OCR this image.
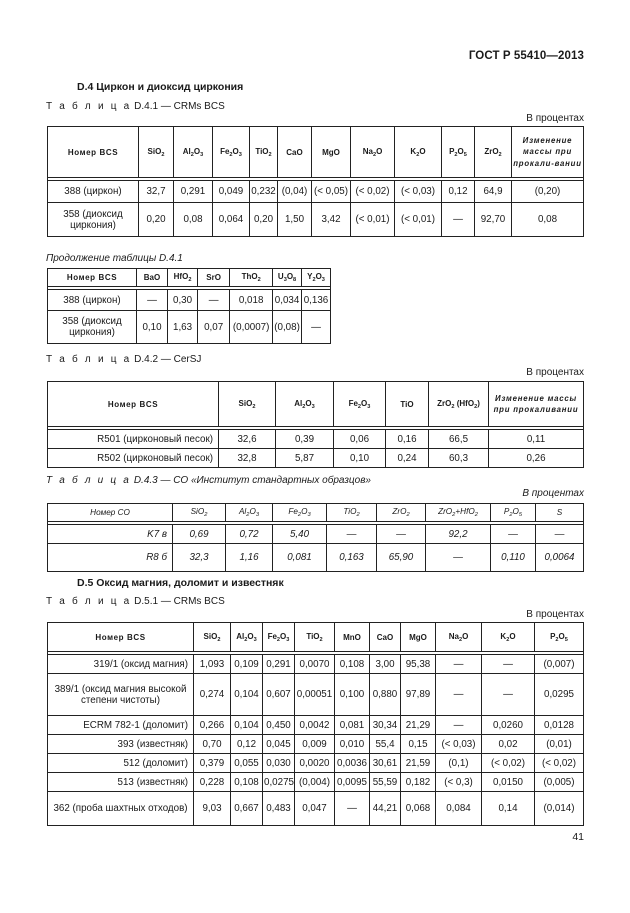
ГОСТ Р 55410—2013
D.4 Циркон и диоксид циркония
Т а б л и ц а D.4.1 — CRMs BCS
В процентах
Номер BCS	SiO$_2$	$Al_2O_3$	$Fe_2O_3$	TiO$_2$	CaO	MgO	$Na_2O$	$K_2O$	$P_2O_5$	ZrO$_2$	Изменение массы при прокали-вании

388 (циркон)	32,7	0,291	0,049	0,232	(0,04)	(< 0,05)	(< 0,02)	(< 0,03)	0,12	64,9	(0,20)
358 (диоксид циркония)	0,20	0,08	0,064	0,20	1,50	3,42	(< 0,01)	(< 0,01)	—	92,70	0,08
Продолжение таблицы D.4.1
Номер BCS	BaO	HfO$_2$	SrO	ThO$_2$	$U_3O_8$	$Y_2O_3$

388 (циркон)	—	0,30	—	0,018	0,034	0,136
358 (диоксид циркония)	0,10	1,63	0,07	(0,0007)	(0,08)	—
Т а б л и ц а D.4.2 — CerSJ
В процентах
Номер BCS	SiO$_2$	$Al_2O_3$	$Fe_2O_3$	TiO	ZrO$_2$ (HfO$_2$)	Изменение массы при прокаливании

R501 (цирконовый песок)	32,6	0,39	0,06	0,16	66,5	0,11
R502 (цирконовый песок)	32,8	5,87	0,10	0,24	60,3	0,26
Т а б л и ц а D.4.3 — СО «Институт стандартных образцов»
В процентах
Номер СО	SiO$_2$	$Al_2O_3$	$Fe_2O_3$	TiO$_2$	ZrO$_2$	ZrO$_2$+HfO$_2$	$P_2O_5$	S

K7 в	0,69	0,72	5,40	—	—	92,2	—	—
R8 б	32,3	1,16	0,081	0,163	65,90	—	0,110	0,0064
D.5 Оксид магния, доломит и известняк
Т а б л и ц а D.5.1 — CRMs BCS
В процентах
Номер BCS	SiO$_2$	$Al_2O_3$	$Fe_2O_3$	TiO$_2$	MnO	CaO	MgO	$Na_2O$	$K_2O$	$P_2O_5$

319/1 (оксид магния)	1,093	0,109	0,291	0,0070	0,108	3,00	95,38	—	—	(0,007)
389/1 (оксид магния высокой степени чистоты)	0,274	0,104	0,607	0,00051	0,100	0,880	97,89	—	—	0,0295
ECRM 782-1 (доломит)	0,266	0,104	0,450	0,0042	0,081	30,34	21,29	—	0,0260	0,0128
393 (известняк)	0,70	0,12	0,045	0,009	0,010	55,4	0,15	(< 0,03)	0,02	(0,01)
512 (доломит)	0,379	0,055	0,030	0,0020	0,0036	30,61	21,59	(0,1)	(< 0,02)	(< 0,02)
513 (известняк)	0,228	0,108	0,0275	(0,004)	0,0095	55,59	0,182	(< 0,3)	0,0150	(0,005)
362 (проба шахтных отходов)	9,03	0,667	0,483	0,047	—	44,21	0,068	0,084	0,14	(0,014)
41
